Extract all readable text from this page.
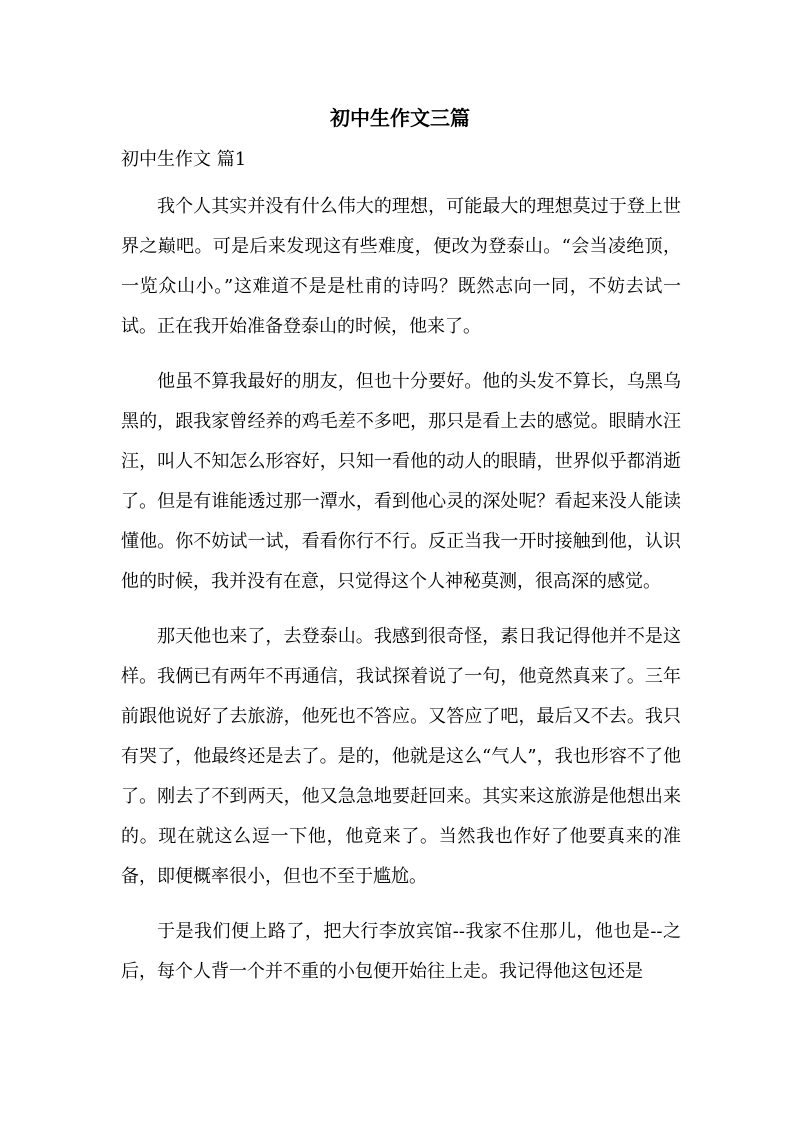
初中生作文三篇
初中生作文 篇1

我个人其实并没有什么伟大的理想，可能最大的理想莫过于登上世界之巅吧。可是后来发现这有些难度，便改为登泰山。“会当凌绝顶，一览众山小。”这难道不是是杜甫的诗吗？既然志向一同，不妨去试一试。正在我开始准备登泰山的时候，他来了。

他虽不算我最好的朋友，但也十分要好。他的头发不算长，乌黑乌黑的，跟我家曾经养的鸡毛差不多吧，那只是看上去的感觉。眼睛水汪汪，叫人不知怎么形容好，只知一看他的动人的眼睛，世界似乎都消逝了。但是有谁能透过那一潭水，看到他心灵的深处呢？看起来没人能读懂他。你不妨试一试，看看你行不行。反正当我一开时接触到他，认识他的时候，我并没有在意，只觉得这个人神秘莫测，很高深的感觉。

那天他也来了，去登泰山。我感到很奇怪，素日我记得他并不是这样。我俩已有两年不再通信，我试探着说了一句，他竟然真来了。三年前跟他说好了去旅游，他死也不答应。又答应了吧，最后又不去。我只有哭了，他最终还是去了。是的，他就是这么“气人”，我也形容不了他了。刚去了不到两天，他又急急地要赶回来。其实来这旅游是他想出来的。现在就这么逗一下他，他竟来了。当然我也作好了他要真来的准备，即便概率很小，但也不至于尴尬。

于是我们便上路了，把大行李放宾馆--我家不住那儿，他也是--之后，每个人背一个并不重的小包便开始往上走。我记得他这包还是
